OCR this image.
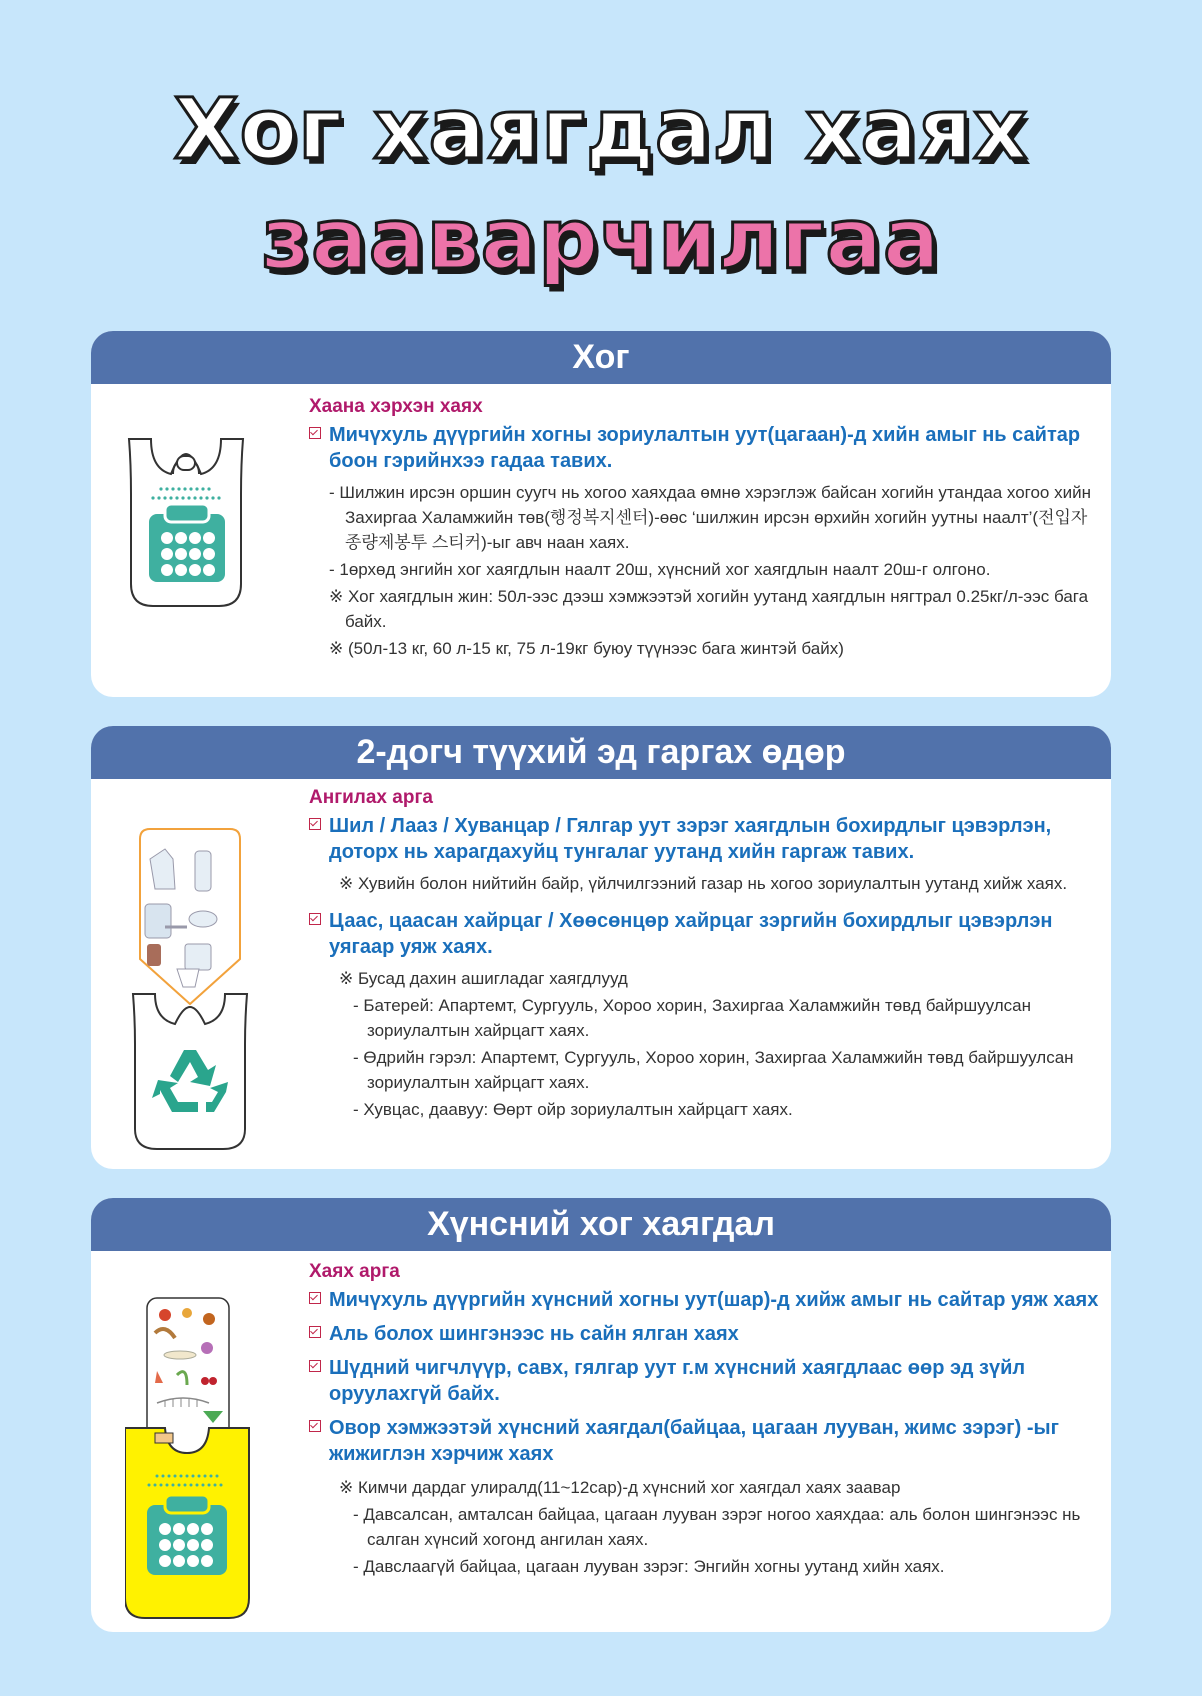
Хог хаягдал хаях
зааварчилгаа
Хог
Хаана хэрхэн хаях
Мичүхуль дүүргийн хогны зориулалтын уут(цагаан)-д хийн амыг нь сайтар боон гэрийнхээ гадаа тавих.
- Шилжин ирсэн оршин суугч нь хогоо хаяхдаа өмнө хэрэглэж байсан хогийн утандаа хогоо хийн Захиргаа Халамжийн төв(행정복지센터)-өөс ‘шилжин ирсэн өрхийн хогийн уутны наалт’(전입자 종량제봉투 스티커)-ыг авч наан хаях.
- 1өрхөд энгийн хог хаягдлын наалт 20ш, хүнсний хог хаягдлын наалт 20ш-г олгоно.
※ Хог хаягдлын жин: 50л-ээс дээш хэмжээтэй хогийн уутанд хаягдлын нягтрал 0.25кг/л-ээс бага байх.
※ (50л-13 кг, 60 л-15 кг, 75 л-19кг буюу түүнээс бага жинтэй байх)
2-догч түүхий эд гаргах өдөр
Ангилах арга
Шил / Лааз / Хуванцар / Гялгар уут зэрэг хаягдлын бохирдлыг цэвэрлэн, доторх нь харагдахуйц тунгалаг уутанд хийн гаргаж тавих.
※ Хувийн болон нийтийн байр, үйлчилгээний газар нь хогоо зориулалтын уутанд хийж хаях.
Цаас, цаасан хайрцаг / Хөөсөнцөр хайрцаг зэргийн бохирдлыг цэвэрлэн уягаар уяж хаях.
※ Бусад дахин ашигладаг хаягдлууд
- Батерей: Апартемт, Сургууль, Хороо хорин, Захиргаа Халамжийн төвд байршуулсан зориулалтын хайрцагт хаях.
- Өдрийн гэрэл: Апартемт, Сургууль, Хороо хорин, Захиргаа Халамжийн төвд байршуулсан зориулалтын хайрцагт хаях.
- Хувцас, даавуу: Өөрт ойр зориулалтын хайрцагт хаях.
Хүнсний хог хаягдал
Хаях арга
Мичүхуль дүүргийн хүнсний хогны уут(шар)-д хийж амыг нь сайтар уяж хаях
Аль болох шингэнээс нь сайн ялган хаях
Шүдний чигчлүүр, савх, гялгар уут г.м хүнсний хаягдлаас өөр эд зүйл оруулахгүй байх.
Овор хэмжээтэй хүнсний хаягдал(байцаа, цагаан лууван, жимс зэрэг) -ыг жижиглэн хэрчиж хаях
※ Кимчи дардаг улиралд(11~12сар)-д хүнсний хог хаягдал хаях заавар
- Давсалсан, амталсан байцаа, цагаан лууван зэрэг ногоо хаяхдаа: аль болон шингэнээс нь салган хүнсий хогонд ангилан хаях.
- Давслаагүй байцаа, цагаан лууван зэрэг: Энгийн хогны уутанд хийн хаях.
